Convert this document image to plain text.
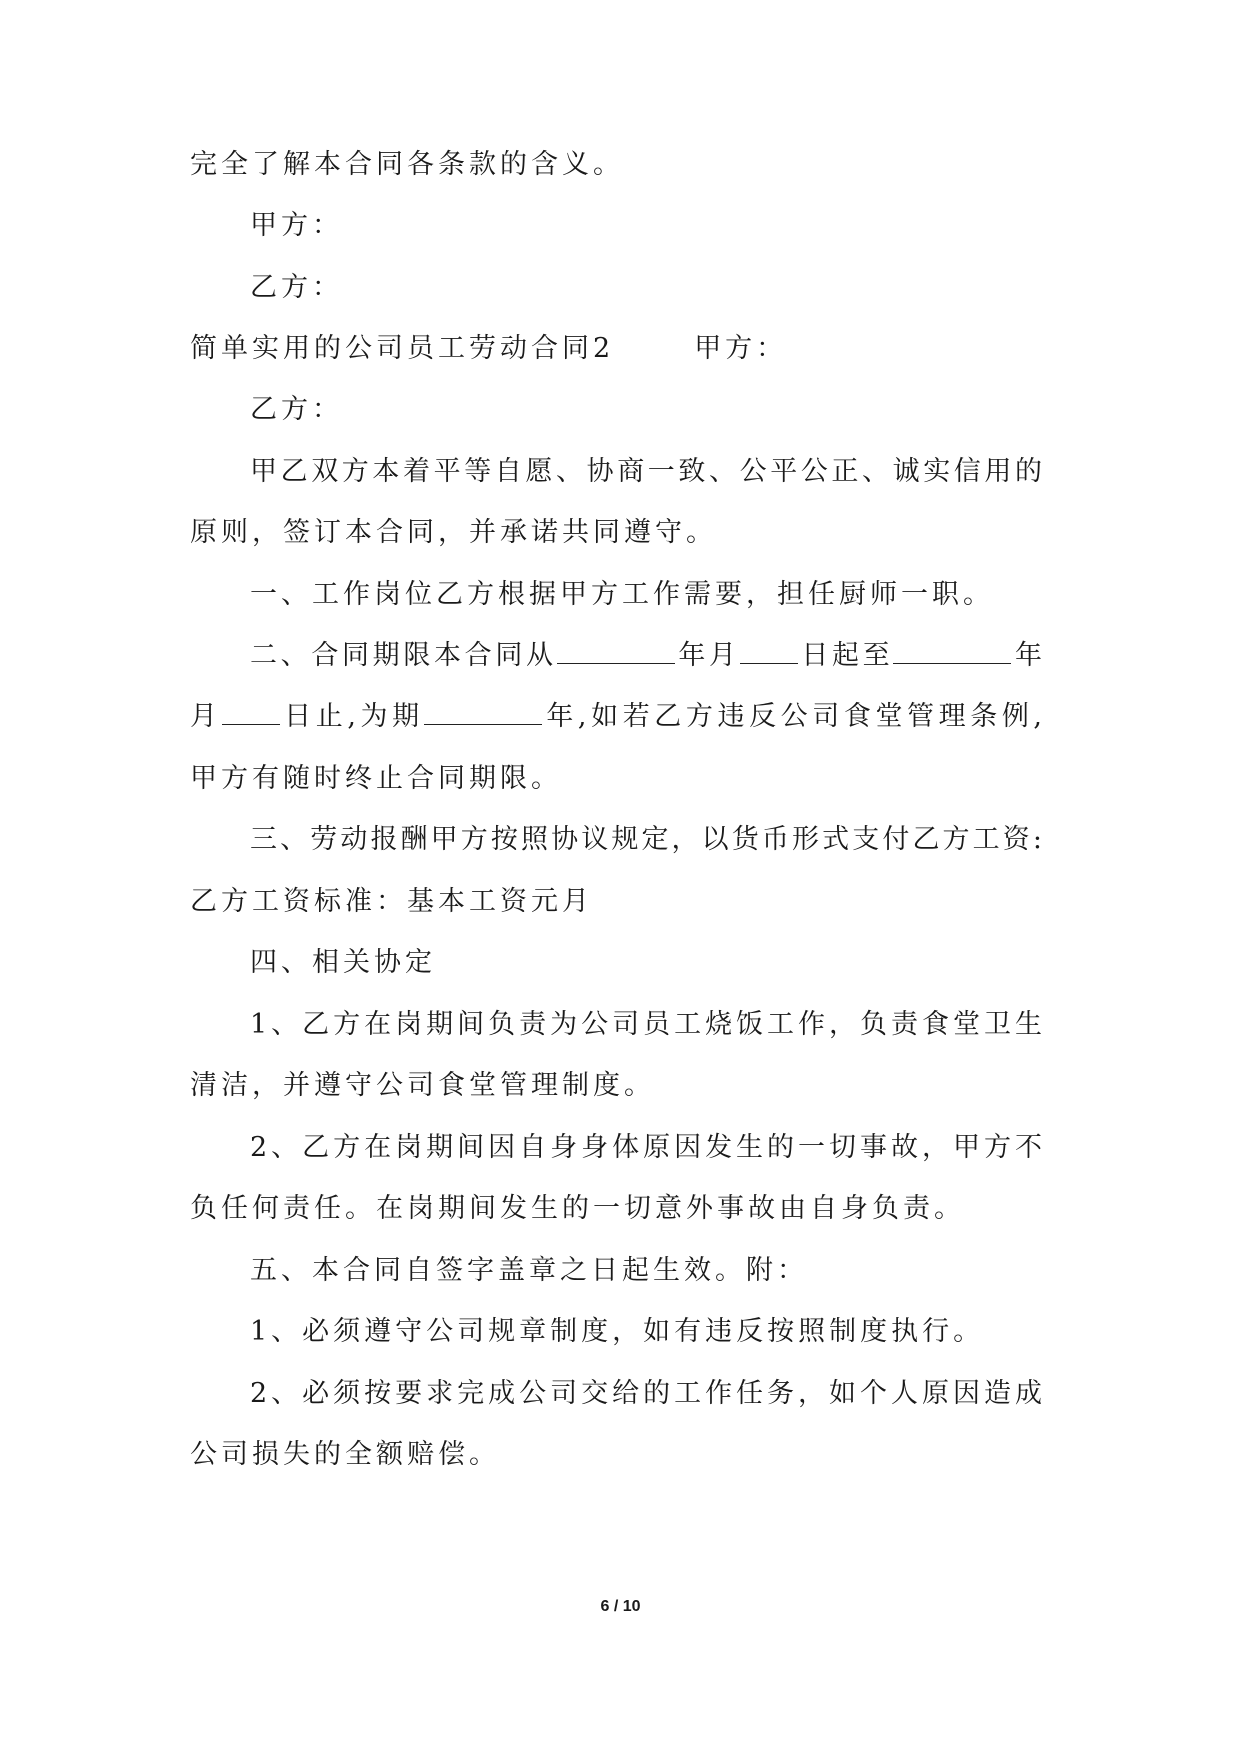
完全了解本合同各条款的含义。
甲方：
乙方：
简单实用的公司员工劳动合同2	甲方：
乙方：
甲乙双方本着平等自愿、协商一致、公平公正、诚实信用的
原则，签订本合同，并承诺共同遵守。
一、工作岗位乙方根据甲方工作需要，担任厨师一职。
二、合同期限本合同从	年月 日起至	年
月 日止,为期	年,如若乙方违反公司食堂管理条例,
甲方有随时终止合同期限。
三、劳动报酬甲方按照协议规定，以货币形式支付乙方工资:
乙方工资标准：基本工资元月
四、相关协定
1、乙方在岗期间负责为公司员工烧饭工作，负责食堂卫生
清洁，并遵守公司食堂管理制度。
2、乙方在岗期间因自身身体原因发生的一切事故，甲方不
负任何责任。在岗期间发生的一切意外事故由自身负责。
五、本合同自签字盖章之日起生效。附：
1、必须遵守公司规章制度，如有违反按照制度执行。
2、必须按要求完成公司交给的工作任务，如个人原因造成
公司损失的全额赔偿。
6 / 10
